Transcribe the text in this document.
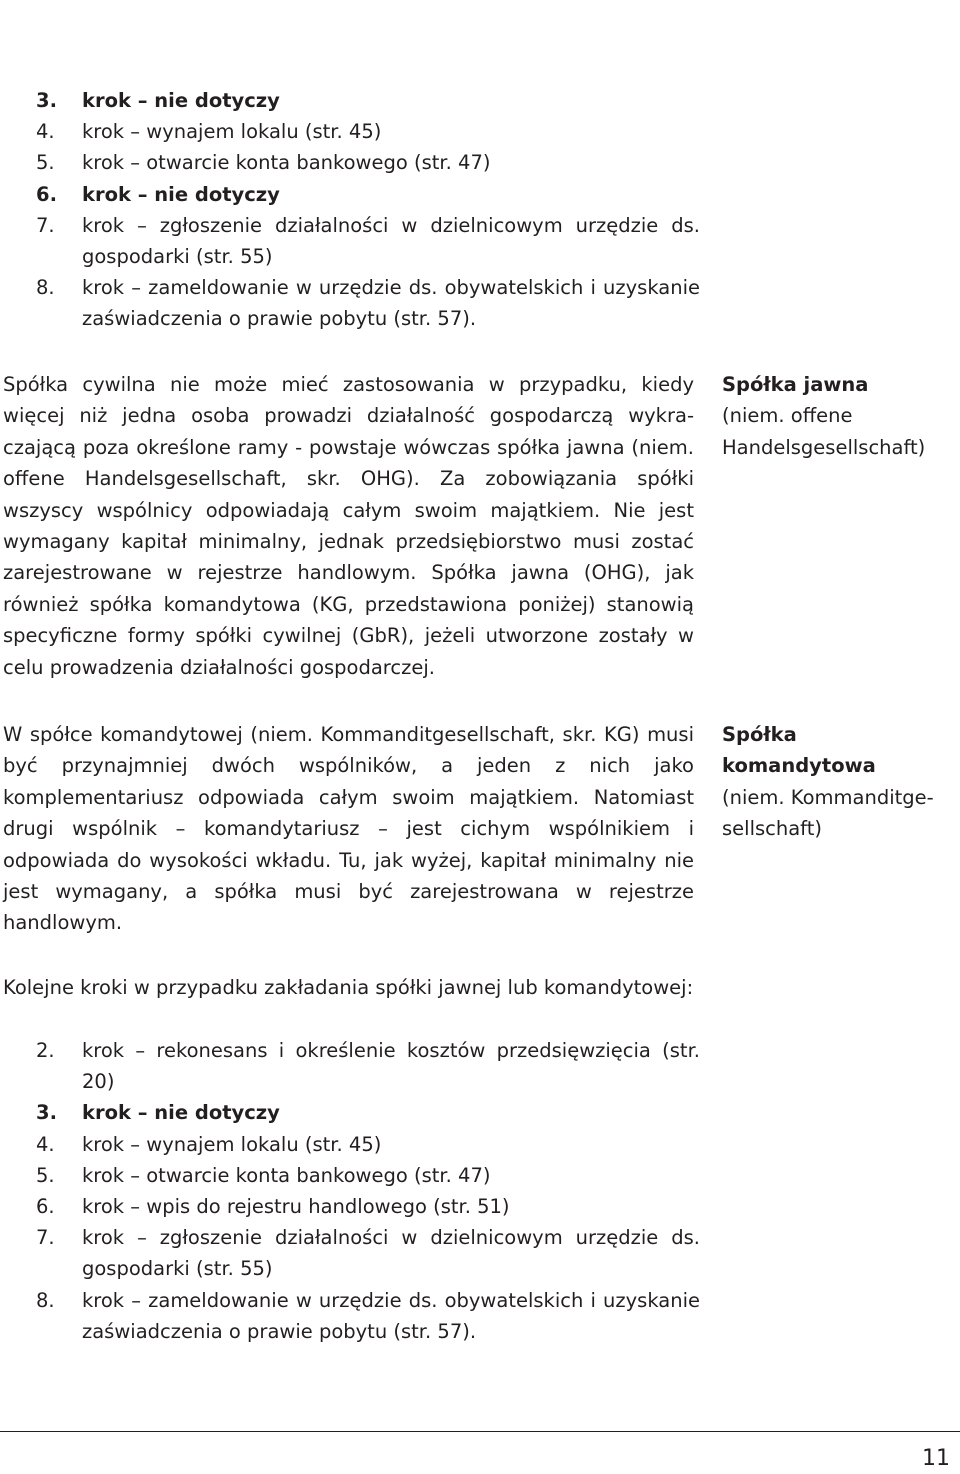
3. krok – nie dotyczy
4. krok – wynajem lokalu (str. 45)
5. krok – otwarcie konta bankowego (str. 47)
6. krok – nie dotyczy
7. krok – zgłoszenie działalności w dzielnicowym urzędzie ds. gospodarki (str. 55)
8. krok – zameldowanie w urzędzie ds. obywatelskich i uzyskanie zaświadczenia o prawie pobytu (str. 57).

Spółka cywilna nie może mieć zastosowania w przypadku, kiedy więcej niż jedna osoba prowadzi działalność gospodarczą wykraczającą poza określone ramy - powstaje wówczas spółka jawna (niem. offene Handelsgesellschaft, skr. OHG). Za zobowiązania spółki wszyscy wspólnicy odpowiadają całym swoim majątkiem. Nie jest wymagany kapitał minimalny, jednak przedsiębiorstwo musi zostać zarejestrowane w rejestrze handlowym. Spółka jawna (OHG), jak również spółka komandytowa (KG, przedstawiona poniżej) stanowią specyficzne formy spółki cywilnej (GbR), jeżeli utworzone zostały w celu prowadzenia działalności gospodarczej.

Spółka jawna
(niem. offene Handelsgesellschaft)

W spółce komandytowej (niem. Kommanditgesellschaft, skr. KG) musi być przynajmniej dwóch wspólników, a jeden z nich jako komplementariusz odpowiada całym swoim majątkiem. Natomiast drugi wspólnik – komandytariusz – jest cichym wspólnikiem i odpowiada do wysokości wkładu. Tu, jak wyżej, kapitał minimalny nie jest wymagany, a spółka musi być zarejestrowana w rejestrze handlowym.

Spółka komandytowa
(niem. Kommanditgesellschaft)

Kolejne kroki w przypadku zakładania spółki jawnej lub komandytowej:

2. krok – rekonesans i określenie kosztów przedsięwzięcia (str. 20)
3. krok – nie dotyczy
4. krok – wynajem lokalu (str. 45)
5. krok – otwarcie konta bankowego (str. 47)
6. krok – wpis do rejestru handlowego (str. 51)
7. krok – zgłoszenie działalności w dzielnicowym urzędzie ds. gospodarki (str. 55)
8. krok – zameldowanie w urzędzie ds. obywatelskich i uzyskanie zaświadczenia o prawie pobytu (str. 57).
11
